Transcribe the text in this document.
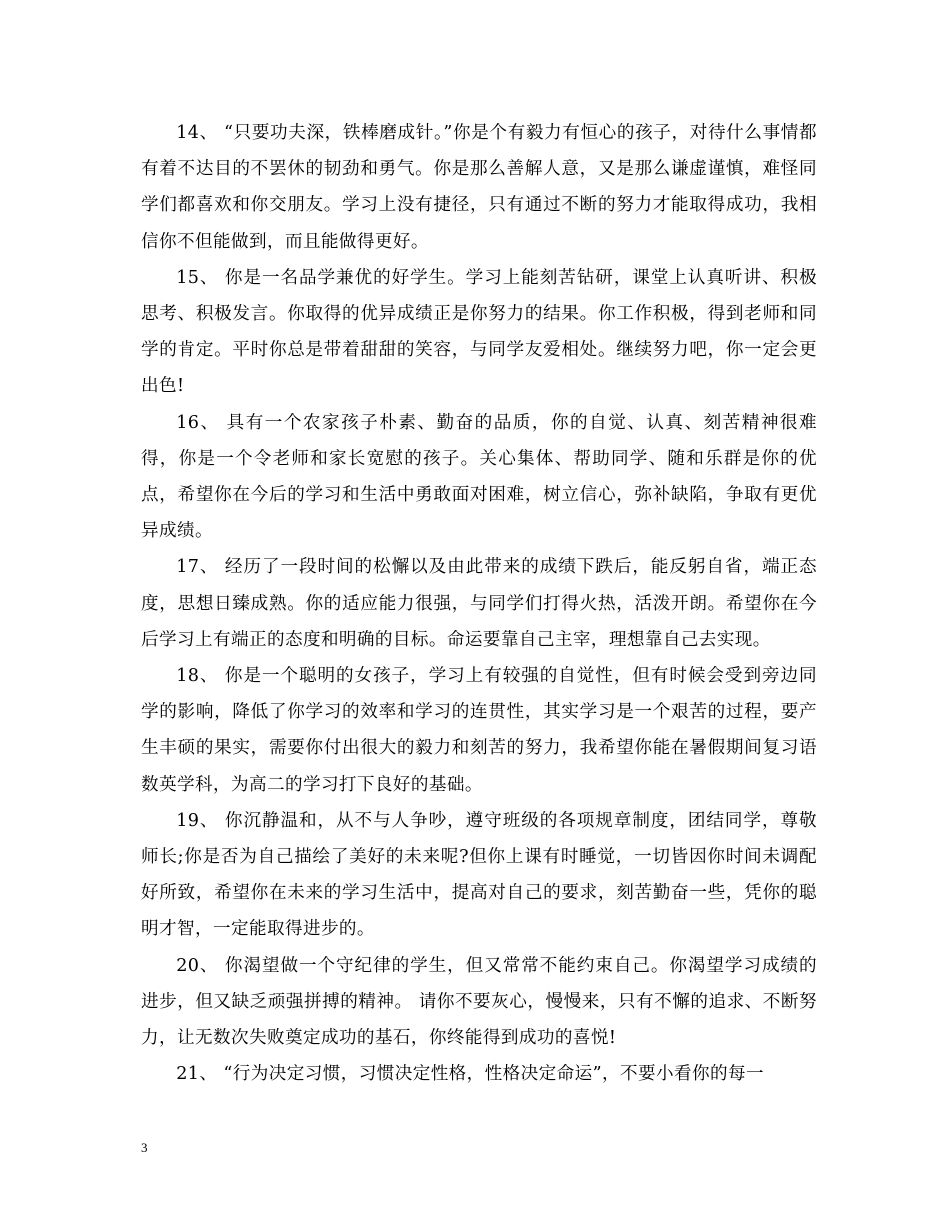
14、 “只要功夫深，铁棒磨成针。”你是个有毅力有恒心的孩子，对待什么事情都有着不达目的不罢休的韧劲和勇气。你是那么善解人意，又是那么谦虚谨慎，难怪同学们都喜欢和你交朋友。学习上没有捷径，只有通过不断的努力才能取得成功，我相信你不但能做到，而且能做得更好。

15、 你是一名品学兼优的好学生。学习上能刻苦钻研，课堂上认真听讲、积极思考、积极发言。你取得的优异成绩正是你努力的结果。你工作积极，得到老师和同学的肯定。平时你总是带着甜甜的笑容，与同学友爱相处。继续努力吧，你一定会更出色!

16、 具有一个农家孩子朴素、勤奋的品质，你的自觉、认真、刻苦精神很难得，你是一个令老师和家长宽慰的孩子。关心集体、帮助同学、随和乐群是你的优点，希望你在今后的学习和生活中勇敢面对困难，树立信心，弥补缺陷，争取有更优异成绩。

17、 经历了一段时间的松懈以及由此带来的成绩下跌后，能反躬自省，端正态度，思想日臻成熟。你的适应能力很强，与同学们打得火热，活泼开朗。希望你在今后学习上有端正的态度和明确的目标。命运要靠自己主宰，理想靠自己去实现。

18、 你是一个聪明的女孩子，学习上有较强的自觉性，但有时候会受到旁边同学的影响，降低了你学习的效率和学习的连贯性，其实学习是一个艰苦的过程，要产生丰硕的果实，需要你付出很大的毅力和刻苦的努力，我希望你能在暑假期间复习语数英学科，为高二的学习打下良好的基础。

19、 你沉静温和，从不与人争吵，遵守班级的各项规章制度，团结同学，尊敬师长;你是否为自己描绘了美好的未来呢?但你上课有时睡觉，一切皆因你时间未调配好所致，希望你在未来的学习生活中，提高对自己的要求，刻苦勤奋一些，凭你的聪明才智，一定能取得进步的。

20、 你渴望做一个守纪律的学生，但又常常不能约束自己。你渴望学习成绩的进步，但又缺乏顽强拼搏的精神。 请你不要灰心，慢慢来，只有不懈的追求、不断努力，让无数次失败奠定成功的基石，你终能得到成功的喜悦!

21、 “行为决定习惯，习惯决定性格，性格决定命运”，不要小看你的每一

3
